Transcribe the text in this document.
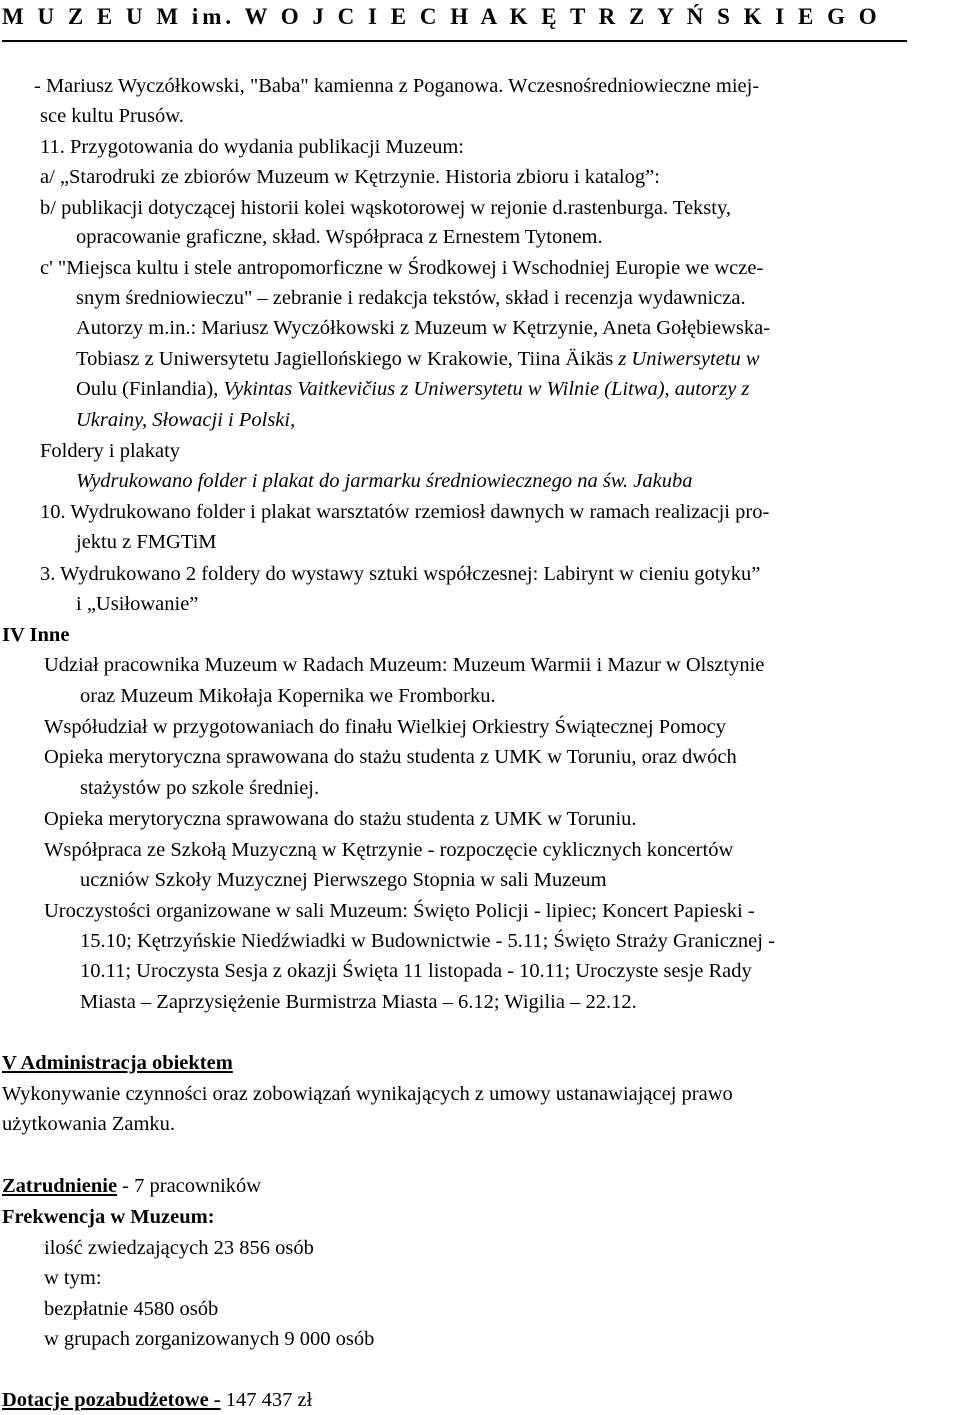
M U Z E U M im. W O J C I E C H A K Ę T R Z Y Ń S K I E G O
- Mariusz Wyczółkowski, "Baba" kamienna z Poganowa. Wczesnośredniowieczne miej-
sce kultu Prusów.
11. Przygotowania do wydania publikacji Muzeum:
a/ „Starodruki ze zbiorów Muzeum w Kętrzynie. Historia zbioru i katalog”:
b/ publikacji dotyczącej historii kolei wąskotorowej w rejonie d.rastenburga. Teksty,
opracowanie graficzne, skład. Współpraca z Ernestem Tytonem.
c' "Miejsca kultu i stele antropomorficzne w Środkowej i Wschodniej Europie we wcze-
snym średniowieczu" – zebranie i redakcja tekstów, skład i recenzja wydawnicza.
Autorzy m.in.: Mariusz Wyczółkowski z Muzeum w Kętrzynie, Aneta Gołębiewska-
Tobiasz z Uniwersytetu Jagiellońskiego w Krakowie, Tiina Äikäs z Uniwersytetu w
Oulu (Finlandia), Vykintas Vaitkevičius z Uniwersytetu w Wilnie (Litwa), autorzy z
Ukrainy, Słowacji i Polski,
Foldery i plakaty
Wydrukowano folder i plakat do jarmarku średniowiecznego na św. Jakuba
10. Wydrukowano folder i plakat warsztatów rzemiosł dawnych w ramach realizacji pro-
jektu z FMGTiM
3. Wydrukowano 2 foldery do wystawy sztuki współczesnej: Labirynt w cieniu gotyku”
i „Usiłowanie”
IV Inne
Udział pracownika Muzeum w Radach Muzeum: Muzeum Warmii i Mazur w Olsztynie
oraz Muzeum Mikołaja Kopernika we Fromborku.
Współudział w przygotowaniach do finału Wielkiej Orkiestry Świątecznej Pomocy
Opieka merytoryczna sprawowana do stażu studenta z UMK w Toruniu, oraz dwóch
stażystów po szkole średniej.
Opieka merytoryczna sprawowana do stażu studenta z UMK w Toruniu.
Współpraca ze Szkołą Muzyczną w Kętrzynie - rozpoczęcie cyklicznych koncertów
uczniów Szkoły Muzycznej Pierwszego Stopnia w sali Muzeum
Uroczystości organizowane w sali Muzeum: Święto Policji - lipiec; Koncert Papieski -
15.10; Kętrzyńskie Niedźwiadki w Budownictwie - 5.11; Święto Straży Granicznej -
10.11; Uroczysta Sesja z okazji Święta 11 listopada - 10.11; Uroczyste sesje Rady
Miasta – Zaprzysiężenie Burmistrza Miasta – 6.12; Wigilia – 22.12.
V Administracja obiektem
Wykonywanie czynności oraz zobowiązań wynikających z umowy ustanawiającej prawo
użytkowania Zamku.
Zatrudnienie - 7 pracowników
Frekwencja w Muzeum:
ilość zwiedzających 23 856 osób
w tym:
bezpłatnie 4580 osób
w grupach zorganizowanych 9 000 osób
Dotacje pozabudżetowe - 147 437 zł
